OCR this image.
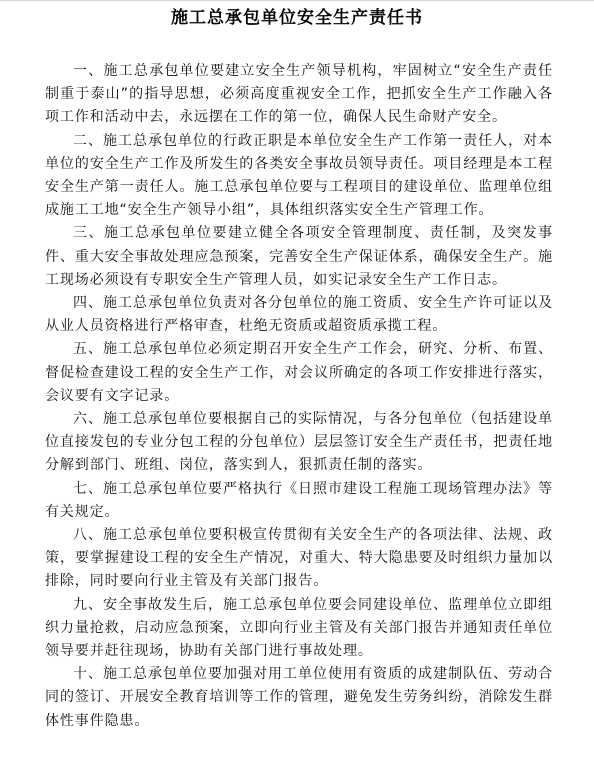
施工总承包单位安全生产责任书

一、施工总承包单位要建立安全生产领导机构，牢固树立“安全生产责任制重于泰山”的指导思想，必须高度重视安全工作，把抓安全生产工作融入各项工作和活动中去，永远摆在工作的第一位，确保人民生命财产安全。

二、施工总承包单位的行政正职是本单位安全生产工作第一责任人，对本单位的安全生产工作及所发生的各类安全事故员领导责任。项目经理是本工程安全生产第一责任人。施工总承包单位要与工程项目的建设单位、监理单位组成施工工地“安全生产领导小组”，具体组织落实安全生产管理工作。

三、施工总承包单位要建立健全各项安全管理制度、责任制，及突发事件、重大安全事故处理应急预案，完善安全生产保证体系，确保安全生产。施工现场必须设有专职安全生产管理人员，如实记录安全生产工作日志。

四、施工总承包单位负责对各分包单位的施工资质、安全生产许可证以及从业人员资格进行严格审查，杜绝无资质或超资质承揽工程。

五、施工总承包单位必须定期召开安全生产工作会，研究、分析、布置、督促检查建设工程的安全生产工作，对会议所确定的各项工作安排进行落实，会议要有文字记录。

六、施工总承包单位要根据自己的实际情况，与各分包单位（包括建设单位直接发包的专业分包工程的分包单位）层层签订安全生产责任书，把责任地分解到部门、班组、岗位，落实到人，狠抓责任制的落实。

七、施工总承包单位要严格执行《日照市建设工程施工现场管理办法》等有关规定。

八、施工总承包单位要积极宣传贯彻有关安全生产的各项法律、法规、政策，要掌握建设工程的安全生产情况，对重大、特大隐患要及时组织力量加以排除，同时要向行业主管及有关部门报告。

九、安全事故发生后，施工总承包单位要会同建设单位、监理单位立即组织力量抢救，启动应急预案，立即向行业主管及有关部门报告并通知责任单位领导要并赶往现场，协助有关部门进行事故处理。

十、施工总承包单位要加强对用工单位使用有资质的成建制队伍、劳动合同的签订、开展安全教育培训等工作的管理，避免发生劳务纠纷，消除发生群体性事件隐患。
